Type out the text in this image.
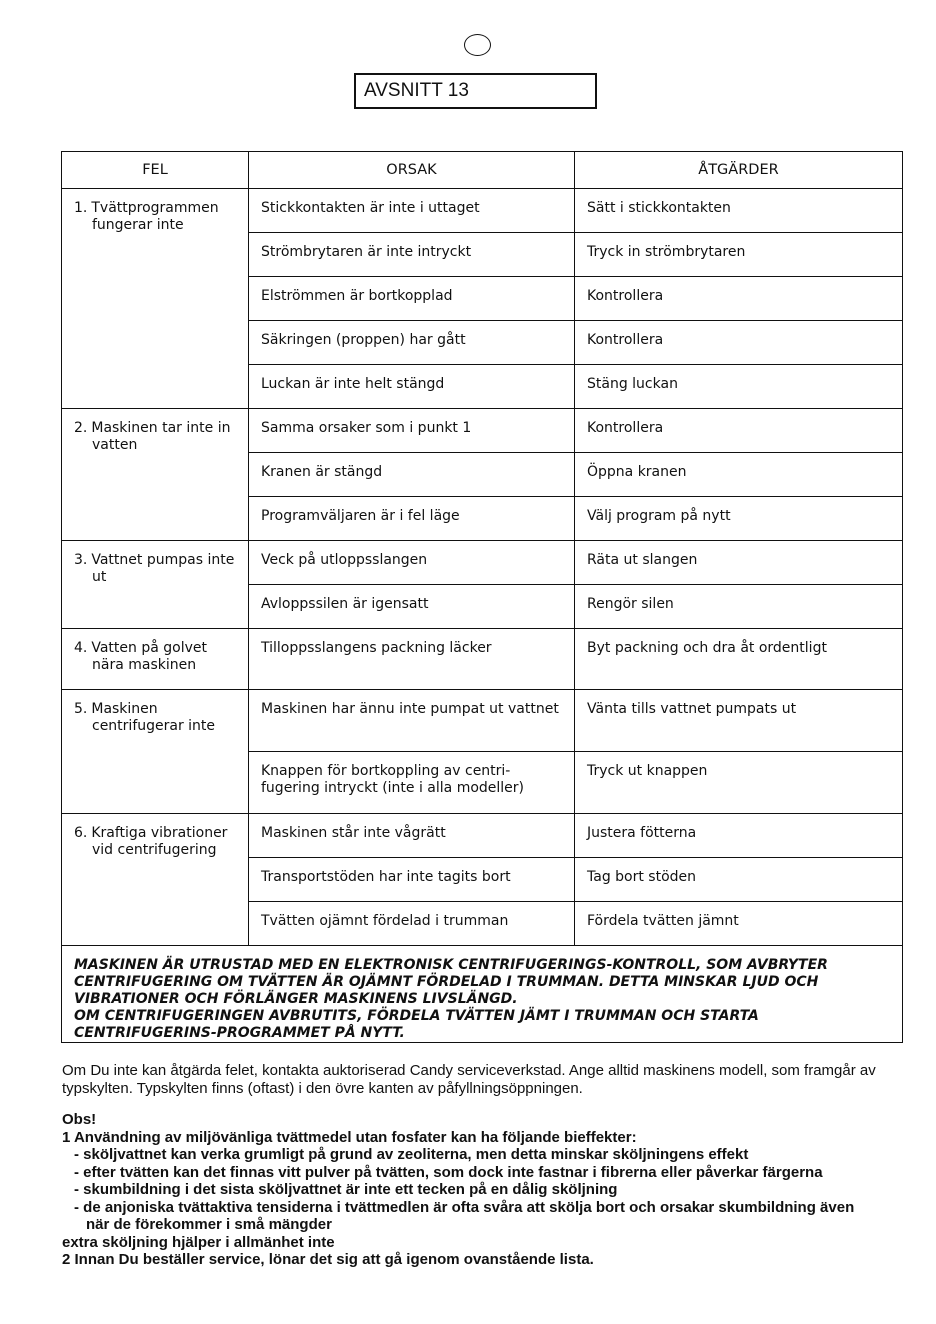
AVSNITT 13
FEL	ORSAK	ÅTGÄRDER

1. Tvättprogrammen fungerar inte	Stickkontakten är inte i uttaget	Sätt i stickkontakten
	Strömbrytaren är inte intryckt	Tryck in strömbrytaren
	Elströmmen är bortkopplad	Kontrollera
	Säkringen (proppen) har gått	Kontrollera
	Luckan är inte helt stängd	Stäng luckan

2. Maskinen tar inte in vatten	Samma orsaker som i punkt 1	Kontrollera
	Kranen är stängd	Öppna kranen
	Programväljaren är i fel läge	Välj program på nytt

3. Vattnet pumpas inte ut	Veck på utloppsslangen	Räta ut slangen
	Avloppssilen är igensatt	Rengör silen

4. Vatten på golvet nära maskinen	Tilloppsslangens packning läcker	Byt packning och dra åt ordentligt

5. Maskinen centrifugerar inte	Maskinen har ännu inte pumpat ut vattnet	Vänta tills vattnet pumpats ut
	Knappen för bortkoppling av centri-fugering intryckt (inte i alla modeller)	Tryck ut knappen

6. Kraftiga vibrationer vid centrifugering	Maskinen står inte vågrätt	Justera fötterna
	Transportstöden har inte tagits bort	Tag bort stöden
	Tvätten ojämnt fördelad i trumman	Fördela tvätten jämnt

MASKINEN ÄR UTRUSTAD MED EN ELEKTRONISK CENTRIFUGERINGS-KONTROLL, SOM AVBRYTER CENTRIFUGERING OM TVÄTTEN ÄR OJÄMNT FÖRDELAD I TRUMMAN. DETTA MINSKAR LJUD OCH VIBRATIONER OCH FÖRLÄNGER MASKINENS LIVSLÄNGD.
OM CENTRIFUGERINGEN AVBRUTITS, FÖRDELA TVÄTTEN JÄMT I TRUMMAN OCH STARTA CENTRIFUGERINS-PROGRAMMET PÅ NYTT.		

Om Du inte kan åtgärda felet, kontakta auktoriserad Candy serviceverkstad. Ange alltid maskinens modell, som framgår av typskylten. Typskylten finns (oftast) i den övre kanten av påfyllningsöppningen.

Obs!

1 Användning av miljövänliga tvättmedel utan fosfater kan ha följande bieffekter:

- sköljvattnet kan verka grumligt på grund av zeoliterna, men detta minskar sköljningens effekt

- efter tvätten kan det finnas vitt pulver på tvätten, som dock inte fastnar i fibrerna eller påverkar färgerna

- skumbildning i det sista sköljvattnet är inte ett tecken på en dålig sköljning

- de anjoniska tvättaktiva tensiderna i tvättmedlen är ofta svåra att skölja bort och orsakar skumbildning även

när de förekommer i små mängder

extra sköljning hjälper i allmänhet inte

2 Innan Du beställer service, lönar det sig att gå igenom ovanstående lista.
